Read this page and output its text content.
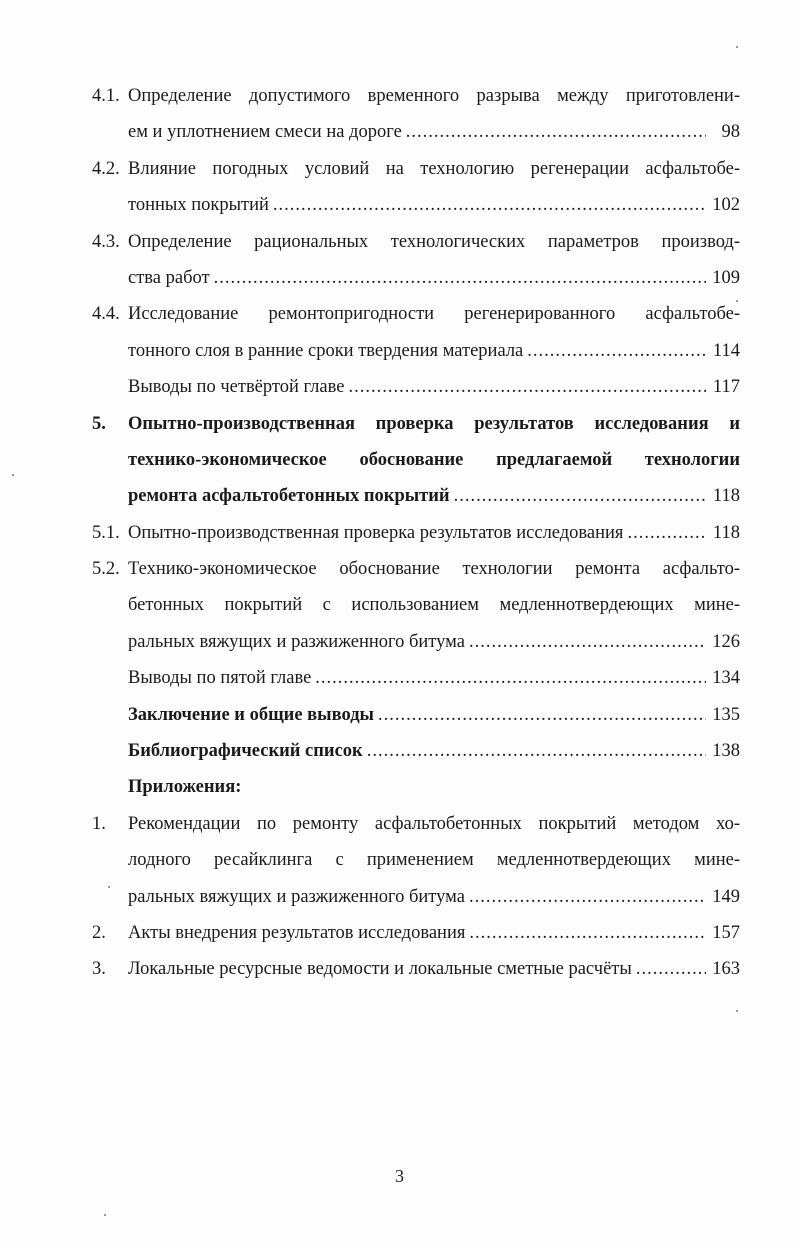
4.1. Определение допустимого временного разрыва между приготовлени-
ем и уплотнением смеси на дороге .....	98
4.2. Влияние погодных условий на технологию регенерации асфальтобе-
тонных покрытий .....	102
4.3. Определение рациональных технологических параметров производ-
ства работ .....	109
4.4. Исследование ремонтопригодности регенерированного асфальтобе-
тонного слоя в ранние сроки твердения материала .....	114
Выводы по четвёртой главе .....	117
5.	Опытно-производственная проверка результатов исследования и
технико-экономическое обоснование предлагаемой технологии
ремонта асфальтобетонных покрытий .....	118
5.1. Опытно-производственная проверка результатов исследования .....	118
5.2. Технико-экономическое обоснование технологии ремонта асфальто-
бетонных покрытий с использованием медленнотвердеющих мине-
ральных вяжущих и разжиженного битума .....	126
Выводы по пятой главе .....	134
Заключение и общие выводы .....	135
Библиографический список .....	138
Приложения:
1.	Рекомендации по ремонту асфальтобетонных покрытий методом хо-
лодного ресайклинга с применением медленнотвердеющих мине-
ральных вяжущих и разжиженного битума .....	149
2.	Акты внедрения результатов исследования .....	157
3.	Локальные ресурсные ведомости и локальные сметные расчёты .....	163
3
